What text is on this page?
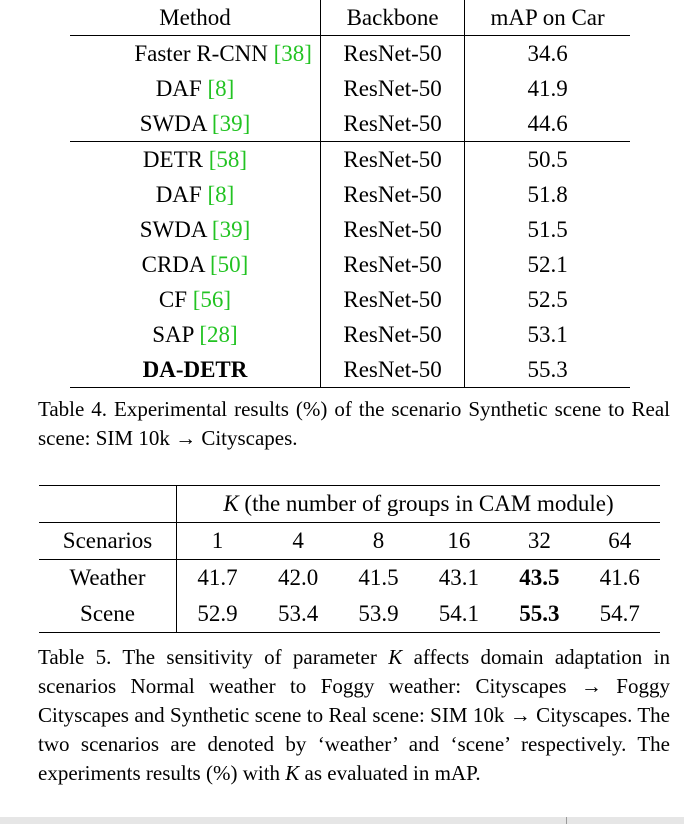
Method	Backbone	mAP on Car
Faster R-CNN [38]	ResNet-50	34.6
DAF [8]	ResNet-50	41.9
SWDA [39]	ResNet-50	44.6
DETR [58]	ResNet-50	50.5
DAF [8]	ResNet-50	51.8
SWDA [39]	ResNet-50	51.5
CRDA [50]	ResNet-50	52.1
CF [56]	ResNet-50	52.5
SAP [28]	ResNet-50	53.1
DA-DETR	ResNet-50	55.3
Table 4. Experimental results (%) of the scenario Synthetic scene to Real scene: SIM 10k → Cityscapes.
	K (the number of groups in CAM module)					
Scenarios	1	4	8	16	32	64
Weather	41.7	42.0	41.5	43.1	43.5	41.6
Scene	52.9	53.4	53.9	54.1	55.3	54.7
Table 5. The sensitivity of parameter K affects domain adaptation in scenarios Normal weather to Foggy weather: Cityscapes → Foggy Cityscapes and Synthetic scene to Real scene: SIM 10k → Cityscapes. The two scenarios are denoted by ‘weather’ and ‘scene’ respectively. The experiments results (%) with K as evaluated in mAP.
